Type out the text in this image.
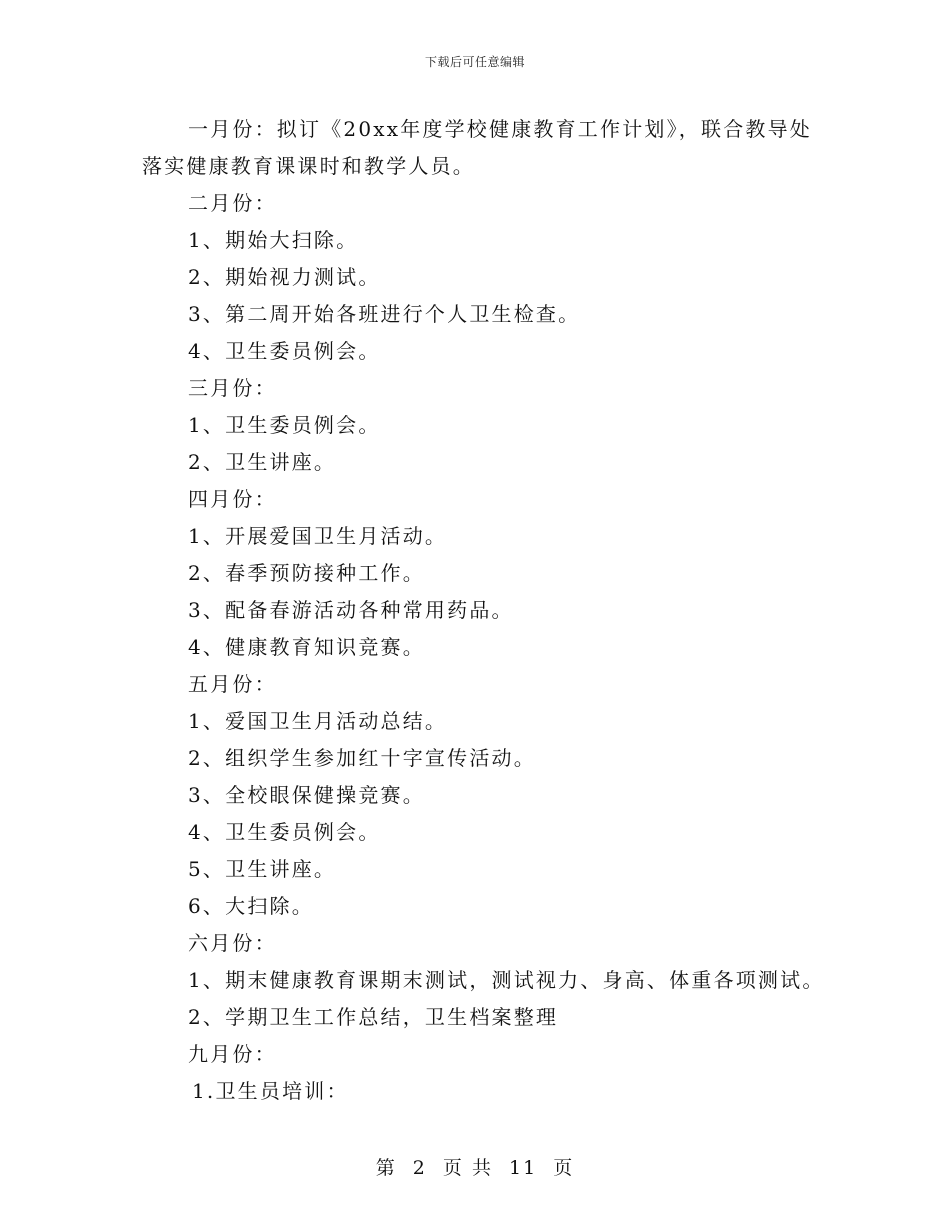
下载后可任意编辑
一月份：拟订《20xx年度学校健康教育工作计划》，联合教导处
落实健康教育课课时和教学人员。
二月份：
1、期始大扫除。
2、期始视力测试。
3、第二周开始各班进行个人卫生检查。
4、卫生委员例会。
三月份：
1、卫生委员例会。
2、卫生讲座。
四月份：
1、开展爱国卫生月活动。
2、春季预防接种工作。
3、配备春游活动各种常用药品。
4、健康教育知识竞赛。
五月份：
1、爱国卫生月活动总结。
2、组织学生参加红十字宣传活动。
3、全校眼保健操竞赛。
4、卫生委员例会。
5、卫生讲座。
6、大扫除。
六月份：
1、期末健康教育课期末测试，测试视力、身高、体重各项测试。
2、学期卫生工作总结，卫生档案整理
九月份：
1.卫生员培训：
第 2 页 共 11 页
